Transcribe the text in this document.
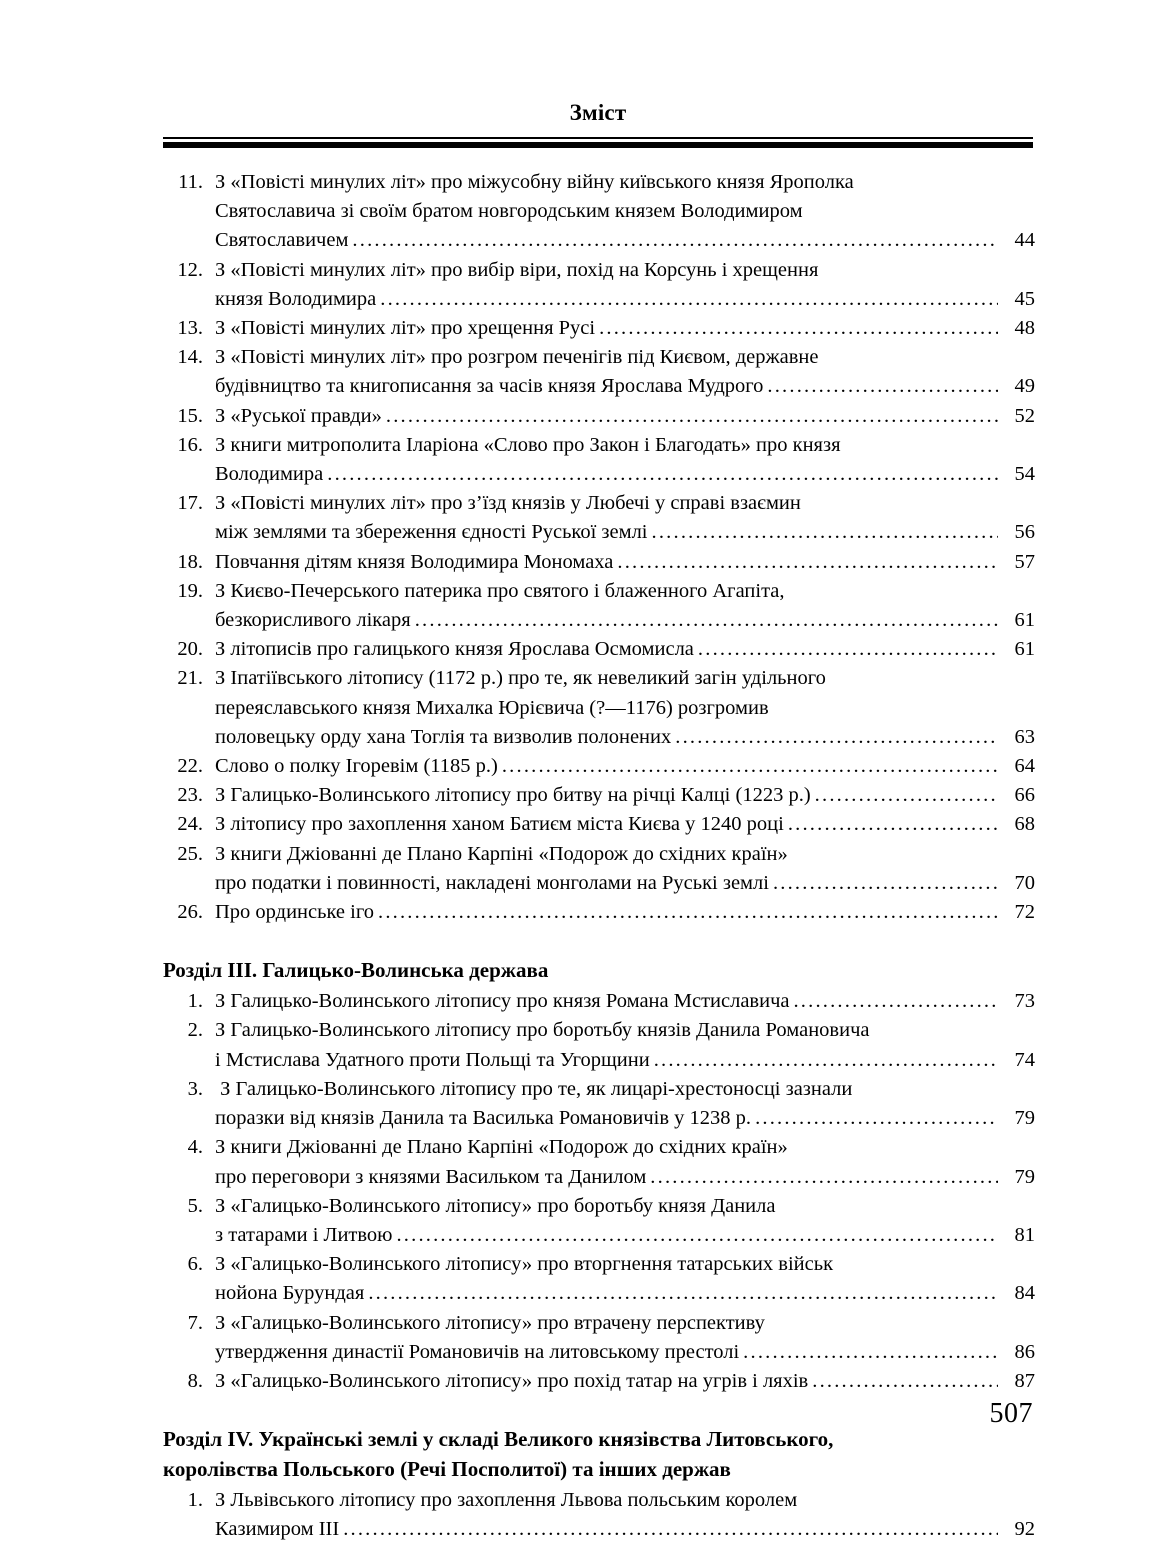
Зміст
11. З «Повісті минулих літ» про міжусобну війну київського князя Ярополка
Святославича зі своїм братом новгородським князем Володимиром
Святославичем .....	44
12. З «Повісті минулих літ» про вибір віри, похід на Корсунь і хрещення
князя Володимира .....	45
13. З «Повісті минулих літ» про хрещення Русі .....	48
14. З «Повісті минулих літ» про розгром печенігів під Києвом, державне
будівництво та книгописання за часів князя Ярослава Мудрого .....	49
15. З «Руської правди» .....	52
16. З книги митрополита Іларіона «Слово про Закон і Благодать» про князя
Володимира .....	54
17. З «Повісті минулих літ» про з’їзд князів у Любечі у справі взаємин
між землями та збереження єдності Руської землі .....	56
18. Повчання дітям князя Володимира Мономаха .....	57
19. З Києво-Печерського патерика про святого і блаженного Агапіта,
безкорисливого лікаря .....	61
20. З літописів про галицького князя Ярослава Осмомисла .....	61
21. З Іпатіївського літопису (1172 р.) про те, як невеликий загін удільного
переяславського князя Михалка Юрієвича (?—1176) розгромив
половецьку орду хана Тоглія та визволив полонених .....	63
22. Слово о полку Ігоревім (1185 р.) .....	64
23. З Галицько-Волинського літопису про битву на річці Калці (1223 р.) .....	66
24. З літопису про захоплення ханом Батиєм міста Києва у 1240 році .....	68
25. З книги Джіованні де Плано Карпіні «Подорож до східних країн»
про податки і повинності, накладені монголами на Руські землі .....	70
26. Про ординське іго .....	72
Розділ III. Галицько-Волинська держава
1. З Галицько-Волинського літопису про князя Романа Мстиславича .....	73
2. З Галицько-Волинського літопису про боротьбу князів Данила Романовича
і Мстислава Удатного проти Польщі та Угорщини .....	74
3. З Галицько-Волинського літопису про те, як лицарі-хрестоносці зазнали
поразки від князів Данила та Василька Романовичів у 1238 р. .....	79
4. З книги Джіованні де Плано Карпіні «Подорож до східних країн»
про переговори з князями Васильком та Данилом .....	79
5. З «Галицько-Волинського літопису» про боротьбу князя Данила
з татарами і Литвою .....	81
6. З «Галицько-Волинського літопису» про вторгнення татарських військ
нойона Бурундая .....	84
7. З «Галицько-Волинського літопису» про втрачену перспективу
утвердження династії Романовичів на литовському престолі .....	86
8. З «Галицько-Волинського літопису» про похід татар на угрів і ляхів .....	87
Розділ IV. Українські землі у складі Великого князівства Литовського,
королівства Польського (Речі Посполитої) та інших держав
1. З Львівського літопису про захоплення Львова польським королем
Казимиром III .....	92
507
